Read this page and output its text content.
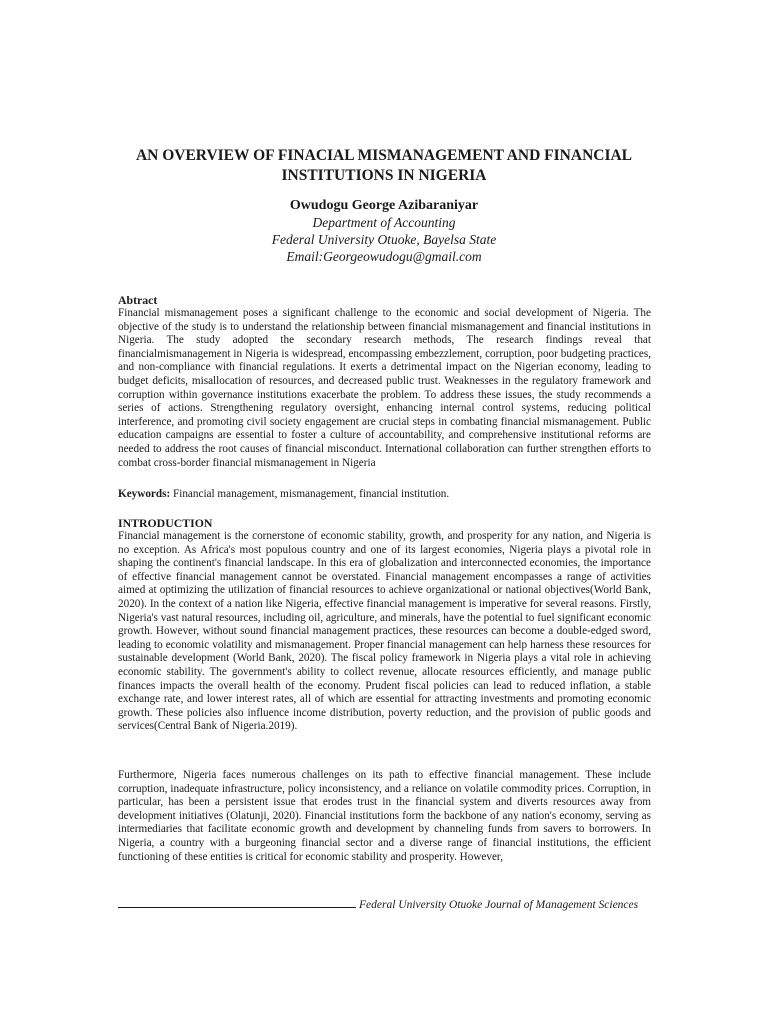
AN OVERVIEW OF FINACIAL MISMANAGEMENT AND FINANCIAL
INSTITUTIONS IN NIGERIA
Owudogu George Azibaraniyar
Department of Accounting
Federal University Otuoke, Bayelsa State
Email:Georgeowudogu@gmail.com
Abtract
Financial mismanagement poses a significant challenge to the economic and social development of Nigeria. The objective of the study is to understand the relationship between financial mismanagement and financial institutions in Nigeria. The study adopted the secondary research methods, The research findings reveal that financialmismanagement in Nigeria is widespread, encompassing embezzlement, corruption, poor budgeting practices, and non-compliance with financial regulations. It exerts a detrimental impact on the Nigerian economy, leading to budget deficits, misallocation of resources, and decreased public trust. Weaknesses in the regulatory framework and corruption within governance institutions exacerbate the problem. To address these issues, the study recommends a series of actions. Strengthening regulatory oversight, enhancing internal control systems, reducing political interference, and promoting civil society engagement are crucial steps in combating financial mismanagement. Public education campaigns are essential to foster a culture of accountability, and comprehensive institutional reforms are needed to address the root causes of financial misconduct. International collaboration can further strengthen efforts to combat cross-border financial mismanagement in Nigeria
Keywords: Financial management, mismanagement, financial institution.
INTRODUCTION
Financial management is the cornerstone of economic stability, growth, and prosperity for any nation, and Nigeria is no exception. As Africa's most populous country and one of its largest economies, Nigeria plays a pivotal role in shaping the continent's financial landscape. In this era of globalization and interconnected economies, the importance of effective financial management cannot be overstated. Financial management encompasses a range of activities aimed at optimizing the utilization of financial resources to achieve organizational or national objectives(World Bank, 2020). In the context of a nation like Nigeria, effective financial management is imperative for several reasons. Firstly, Nigeria's vast natural resources, including oil, agriculture, and minerals, have the potential to fuel significant economic growth. However, without sound financial management practices, these resources can become a double-edged sword, leading to economic volatility and mismanagement. Proper financial management can help harness these resources for sustainable development (World Bank, 2020). The fiscal policy framework in Nigeria plays a vital role in achieving economic stability. The government's ability to collect revenue, allocate resources efficiently, and manage public finances impacts the overall health of the economy. Prudent fiscal policies can lead to reduced inflation, a stable exchange rate, and lower interest rates, all of which are essential for attracting investments and promoting economic growth. These policies also influence income distribution, poverty reduction, and the provision of public goods and services(Central Bank of Nigeria.2019).
Furthermore, Nigeria faces numerous challenges on its path to effective financial management. These include corruption, inadequate infrastructure, policy inconsistency, and a reliance on volatile commodity prices. Corruption, in particular, has been a persistent issue that erodes trust in the financial system and diverts resources away from development initiatives (Olatunji, 2020). Financial institutions form the backbone of any nation's economy, serving as intermediaries that facilitate economic growth and development by channeling funds from savers to borrowers. In Nigeria, a country with a burgeoning financial sector and a diverse range of financial institutions, the efficient functioning of these entities is critical for economic stability and prosperity. However,
Federal University Otuoke Journal of Management Sciences
